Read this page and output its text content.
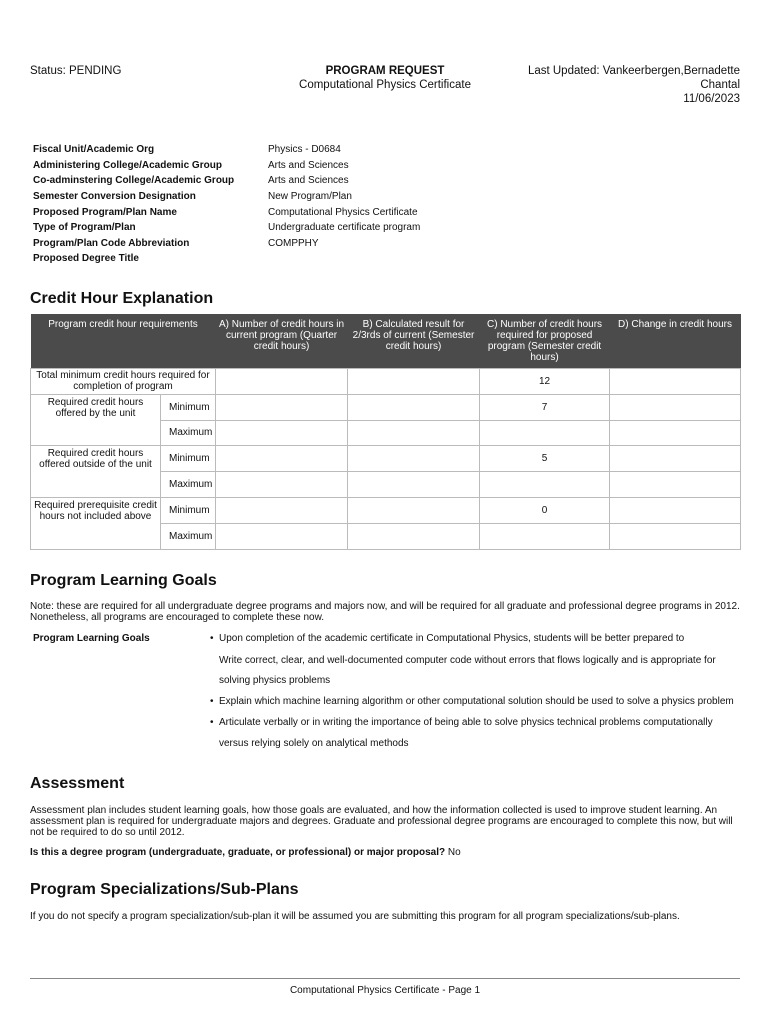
Status: PENDING	PROGRAM REQUEST
Computational Physics Certificate
Last Updated: Vankeerbergen,Bernadette
Chantal
11/06/2023
Fiscal Unit/Academic Org	Physics - D0684
Administering College/Academic Group	Arts and Sciences
Co-adminstering College/Academic Group	Arts and Sciences
Semester Conversion Designation	New Program/Plan
Proposed Program/Plan Name	Computational Physics Certificate
Type of Program/Plan	Undergraduate certificate program
Program/Plan Code Abbreviation	COMPPHY
Proposed Degree Title
Credit Hour Explanation
Program credit hour requirements		A) Number of credit hours in current program (Quarter credit hours)	B) Calculated result for 2/3rds of current (Semester credit hours)	C) Number of credit hours required for proposed program (Semester credit hours)	D) Change in credit hours
Total minimum credit hours required for completion of program				12	
Required credit hours offered by the unit	Minimum			7	
	Maximum				
Required credit hours offered outside of the unit	Minimum			5	
	Maximum				
Required prerequisite credit hours not included above	Minimum			0	
	Maximum				
Program Learning Goals
Note: these are required for all undergraduate degree programs and majors now, and will be required for all graduate and professional degree programs in 2012. Nonetheless, all programs are encouraged to complete these now.
Program Learning Goals	• Upon completion of the academic certificate in Computational Physics, students will be better prepared to
Write correct, clear, and well-documented computer code without errors that flows logically and is appropriate for
solving physics problems
• Explain which machine learning algorithm or other computational solution should be used to solve a physics problem
• Articulate verbally or in writing the importance of being able to solve physics technical problems computationally
versus relying solely on analytical methods
Assessment
Assessment plan includes student learning goals, how those goals are evaluated, and how the information collected is used to improve student learning. An assessment plan is required for undergraduate majors and degrees. Graduate and professional degree programs are encouraged to complete this now, but will not be required to do so until 2012.
Is this a degree program (undergraduate, graduate, or professional) or major proposal? No
Program Specializations/Sub-Plans
If you do not specify a program specialization/sub-plan it will be assumed you are submitting this program for all program specializations/sub-plans.
Computational Physics Certificate - Page 1
